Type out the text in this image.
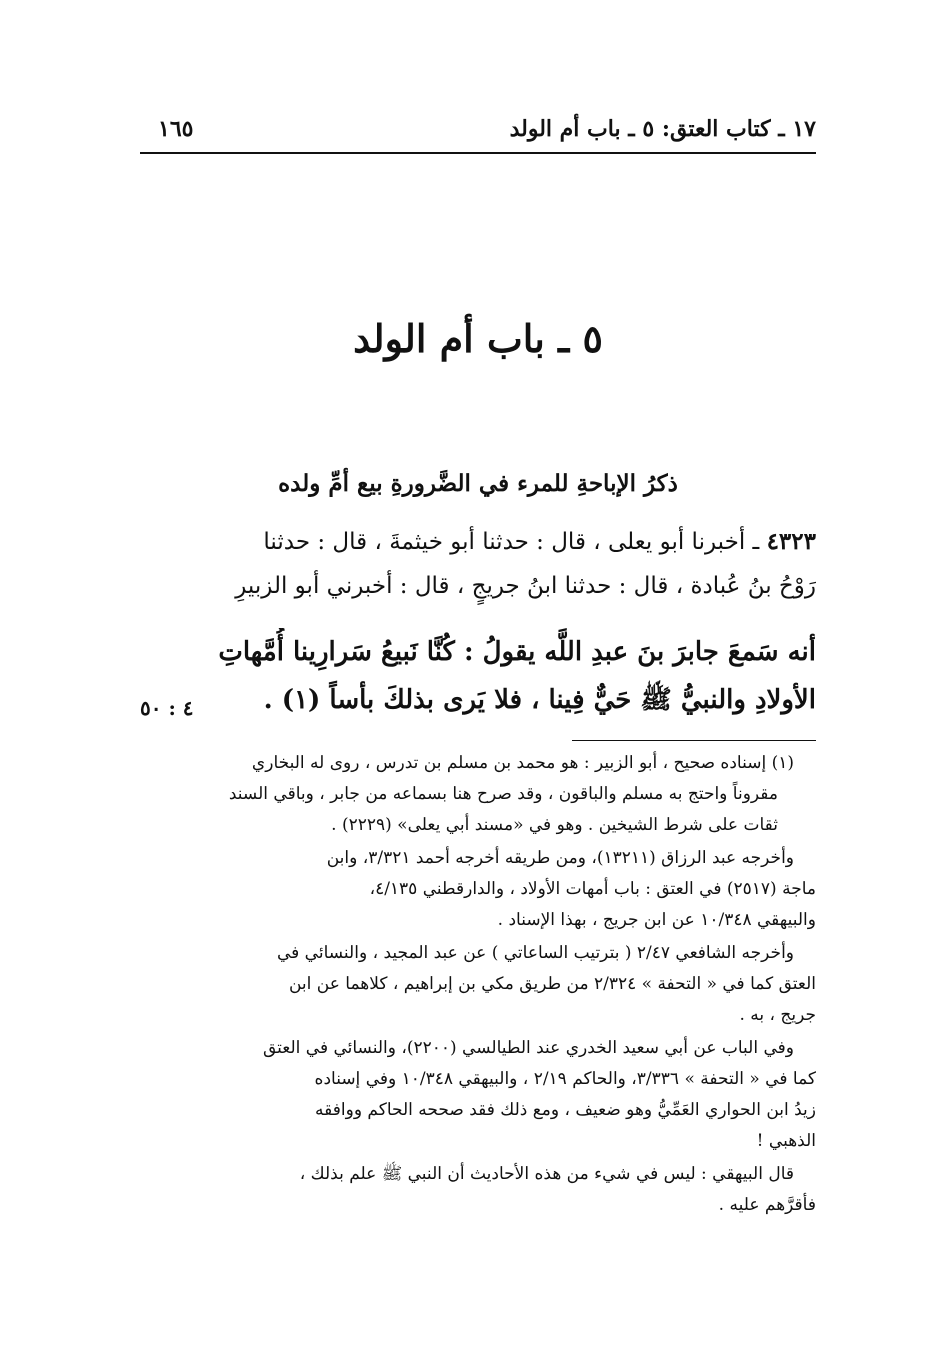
١٧ ـ كتاب العتق: ٥ ـ باب أم الولد
١٦٥
٥ ـ باب أم الولد
ذكرُ الإباحةِ للمرء في الضَّرورةِ بيع أمِّ ولده
٤٣٢٣ ـ أخبرنا أبو يعلى ، قال : حدثنا أبو خيثمةَ ، قال : حدثنا
رَوْحُ بنُ عُبادة ، قال : حدثنا ابنُ جريجٍ ، قال : أخبرني أبو الزبيرِ
أنه سَمعَ جابرَ بنَ عبدِ اللَّه يقولُ : كُنَّا نَبيعُ سَرارِينا أُمَّهاتِ
الأولادِ والنبيُّ ﷺ حَيٌّ فِينا ، فلا يَرى بذلكَ بأساً (١) .
٤ : ٥٠
(١) إسناده صحيح ، أبو الزبير : هو محمد بن مسلم بن تدرس ، روى له البخاري
مقروناً واحتج به مسلم والباقون ، وقد صرح هنا بسماعه من جابر ، وباقي السند
ثقات على شرط الشيخين . وهو في «مسند أبي يعلى» (٢٢٢٩) .
وأخرجه عبد الرزاق (١٣٢١١)، ومن طريقه أخرجه أحمد ٣/٣٢١، وابن
ماجة (٢٥١٧) في العتق : باب أمهات الأولاد ، والدارقطني ٤/١٣٥،
والبيهقي ١٠/٣٤٨ عن ابن جريج ، بهذا الإسناد .
وأخرجه الشافعي ٢/٤٧ ( بترتيب الساعاتي ) عن عبد المجيد ، والنسائي في
العتق كما في « التحفة » ٢/٣٢٤ من طريق مكي بن إبراهيم ، كلاهما عن ابن
جريج ، به .
وفي الباب عن أبي سعيد الخدري عند الطيالسي (٢٢٠٠)، والنسائي في العتق
كما في « التحفة » ٣/٣٣٦، والحاكم ٢/١٩ ، والبيهقي ١٠/٣٤٨ وفي إسناده
زيدُ ابن الحواري العَمِّيُّ وهو ضعيف ، ومع ذلك فقد صححه الحاكم ووافقه
الذهبي !
قال البيهقي : ليس في شيء من هذه الأحاديث أن النبي ﷺ علم بذلك ،
فأقرَّهم عليه .
